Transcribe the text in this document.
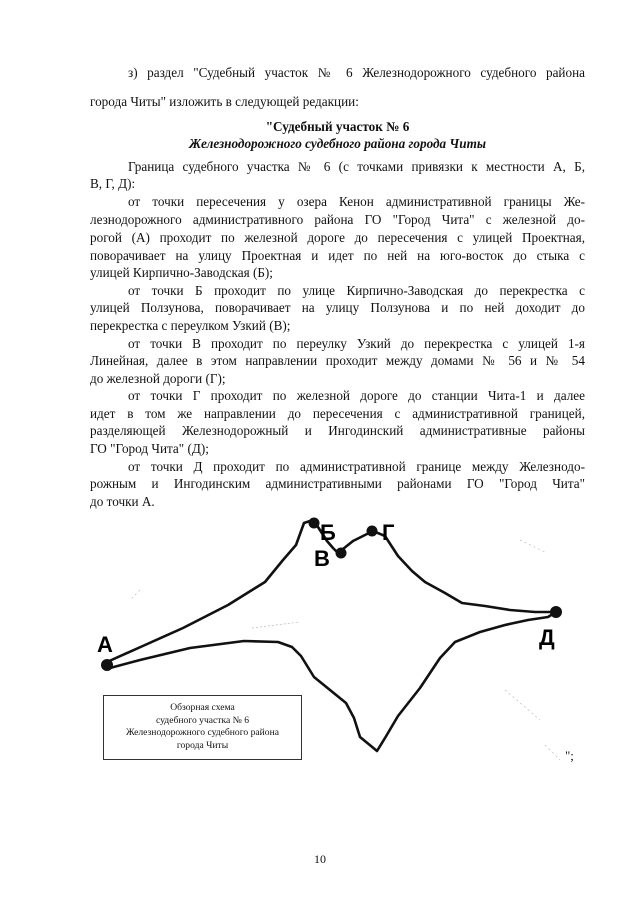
з) раздел "Судебный участок № 6 Железнодорожного судебного района
города Читы" изложить в следующей редакции:
"Судебный участок № 6
Железнодорожного судебного района города Читы
Граница судебного участка № 6 (с точками привязки к местности А, Б,
В, Г, Д):
от точки пересечения у озера Кенон административной границы Же-
лезнодорожного административного района ГО "Город Чита" с железной до-
рогой (А) проходит по железной дороге до пересечения с улицей Проектная,
поворачивает на улицу Проектная и идет по ней на юго-восток до стыка с
улицей Кирпично-Заводская (Б);
от точки Б проходит по улице Кирпично-Заводская до перекрестка с
улицей Ползунова, поворачивает на улицу Ползунова и по ней доходит до
перекрестка с переулком Узкий (В);
от точки В проходит по переулку Узкий до перекрестка с улицей 1-я
Линейная, далее в этом направлении проходит между домами № 56 и № 54
до железной дороги (Г);
от точки Г проходит по железной дороге до станции Чита-1 и далее
идет в том же направлении до пересечения с административной границей,
разделяющей Железнодорожный и Ингодинский административные районы
ГО "Город Чита" (Д);
от точки Д проходит по административной границе между Железнодо-
рожным и Ингодинским административными районами ГО "Город Чита"
до точки А.
А
Б
В
Г
Д
Обзорная схема
судебного участка № 6
Железнодорожного судебного района
города Читы
";
10
